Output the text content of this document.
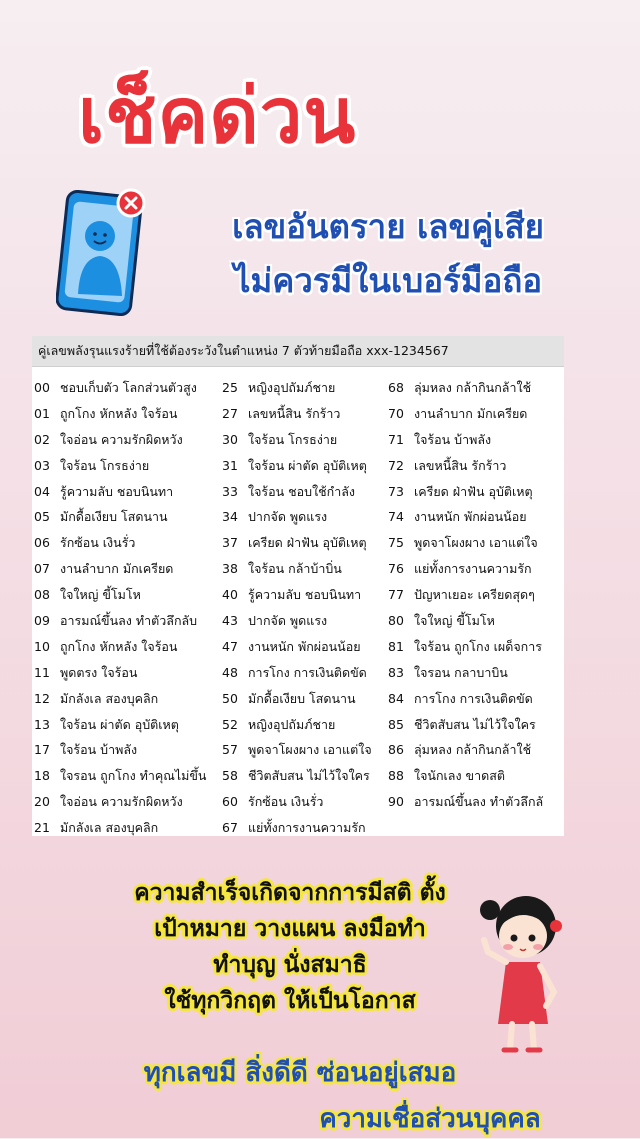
เช็คด่วน
เลขอันตราย เลขคู่เสีย
ไม่ควรมีในเบอร์มือถือ
คู่เลขพลังรุนแรงร้ายที่ใช้ต้องระวังในตำแหน่ง 7 ตัวท้ายมือถือ xxx-1234567
00 ชอบเก็บตัว โลกส่วนตัวสูง
01 ถูกโกง หักหลัง ใจร้อน
02 ใจอ่อน ความรักผิดหวัง
03 ใจร้อน โกรธง่าย
04 รู้ความลับ ชอบนินทา
05 มักดื้อเงียบ โสดนาน
06 รักซ้อน เงินรั่ว
07 งานลำบาก มักเครียด
08 ใจใหญ่ ขี้โมโห
09 อารมณ์ขึ้นลง ทำตัวลึกลับ
10 ถูกโกง หักหลัง ใจร้อน
11 พูดตรง ใจร้อน
12 มักลังเล สองบุคลิก
13 ใจร้อน ผ่าตัด อุบัติเหตุ
17 ใจร้อน บ้าพลัง
18 ใจรอน ถูกโกง ทำคุณไม่ขึ้น
20 ใจอ่อน ความรักผิดหวัง
21 มักลังเล สองบุคลิก
25 หญิงอุปถัมภ์ชาย
27 เลขหนี้สิน รักร้าว
30 ใจร้อน โกรธง่าย
31 ใจร้อน ผ่าตัด อุบัติเหตุ
33 ใจร้อน ชอบใช้กำลัง
34 ปากจัด พูดแรง
37 เครียด ฝ่าฟัน อุบัติเหตุ
38 ใจร้อน กล้าบ้าบิ่น
40 รู้ความลับ ชอบนินทา
43 ปากจัด พูดแรง
47 งานหนัก พักผ่อนน้อย
48 การโกง การเงินติดขัด
50 มักดื้อเงียบ โสดนาน
52 หญิงอุปถัมภ์ชาย
57 พูดจาโผงผาง เอาแต่ใจ
58 ชีวิตสับสน ไม่ไว้ใจใคร
60 รักซ้อน เงินรั่ว
67 แย่ทั้งการงานความรัก
68 ลุ่มหลง กล้ากินกล้าใช้
70 งานลำบาก มักเครียด
71 ใจร้อน บ้าพลัง
72 เลขหนี้สิน รักร้าว
73 เครียด ฝ่าฟัน อุบัติเหตุ
74 งานหนัก พักผ่อนน้อย
75 พูดจาโผงผาง เอาแต่ใจ
76 แย่ทั้งการงานความรัก
77 ปัญหาเยอะ เครียดสุดๆ
80 ใจใหญ่ ขี้โมโห
81 ใจร้อน ถูกโกง เผด็จการ
83 ใจรอน กลาบาบิน
84 การโกง การเงินติดขัด
85 ชีวิตสับสน ไม่ไว้ใจใคร
86 ลุ่มหลง กล้ากินกล้าใช้
88 ใจนักเลง ขาดสติ
90 อารมณ์ขึ้นลง ทำตัวลึกลั
ความสำเร็จเกิดจากการมีสติ ตั้ง
เป้าหมาย วางแผน ลงมือทำ
ทำบุญ นั่งสมาธิ
ใช้ทุกวิกฤต ให้เป็นโอกาส
ทุกเลขมี สิ่งดีดี ซ่อนอยู่เสมอ
ความเชื่อส่วนบุคคล
